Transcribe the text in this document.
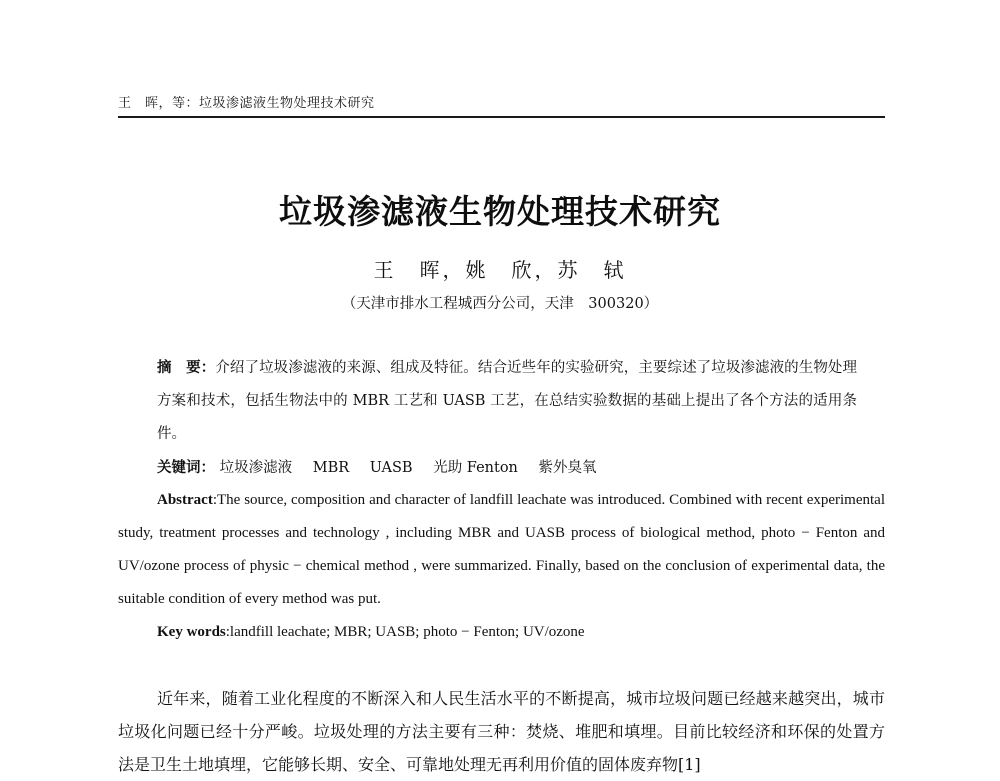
王　晖，等：垃圾渗滤液生物处理技术研究
垃圾渗滤液生物处理技术研究
王　晖，姚　欣，苏　轼
（天津市排水工程城西分公司，天津　300320）
摘　要：介绍了垃圾渗滤液的来源、组成及特征。结合近些年的实验研究，主要综述了垃圾渗滤液的生物处理方案和技术，包括生物法中的 MBR 工艺和 UASB 工艺，在总结实验数据的基础上提出了各个方法的适用条件。
关键词： 垃圾渗滤液 MBR UASB 光助 Fenton 紫外臭氧
Abstract:The source, composition and character of landfill leachate was introduced. Combined with recent experimental study, treatment processes and technology , including MBR and UASB process of biological method, photo − Fenton and UV/ozone process of physic − chemical method , were summarized. Finally, based on the conclusion of experimental data, the suitable condition of every method was put.
Key words:landfill leachate; MBR; UASB; photo − Fenton; UV/ozone
近年来，随着工业化程度的不断深入和人民生活水平的不断提高，城市垃圾问题已经越来越突出，城市垃圾化问题已经十分严峻。垃圾处理的方法主要有三种：焚烧、堆肥和填埋。目前比较经济和环保的处置方法是卫生土地填埋，它能够长期、安全、可靠地处理无再利用价值的固体废弃物[1]
